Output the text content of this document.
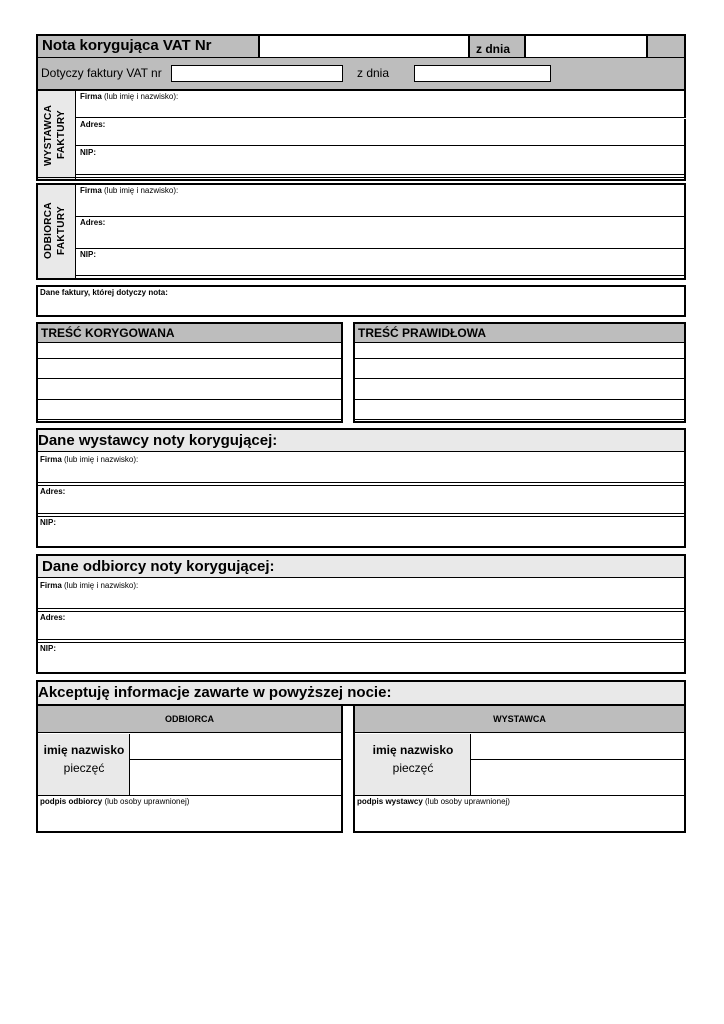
Nota korygująca VAT Nr	z dnia
Dotyczy faktury VAT nr	z dnia
WYSTAWCA FAKTURY
Firma (lub imię i nazwisko):
Adres:
NIP:
ODBIORCA FAKTURY
Firma (lub imię i nazwisko):
Adres:
NIP:
Dane faktury, której dotyczy nota:
TREŚĆ KORYGOWANA	TREŚĆ PRAWIDŁOWA
Dane wystawcy noty korygującej:
Firma (lub imię i nazwisko):
Adres:
NIP:
Dane odbiorcy noty korygującej:
Firma (lub imię i nazwisko):
Adres:
NIP:
Akceptuję informacje zawarte w powyższej nocie:
ODBIORCA
imię nazwisko
pieczęć
podpis odbiorcy (lub osoby uprawnionej)
WYSTAWCA
imię nazwisko
pieczęć
podpis wystawcy (lub osoby uprawnionej)
